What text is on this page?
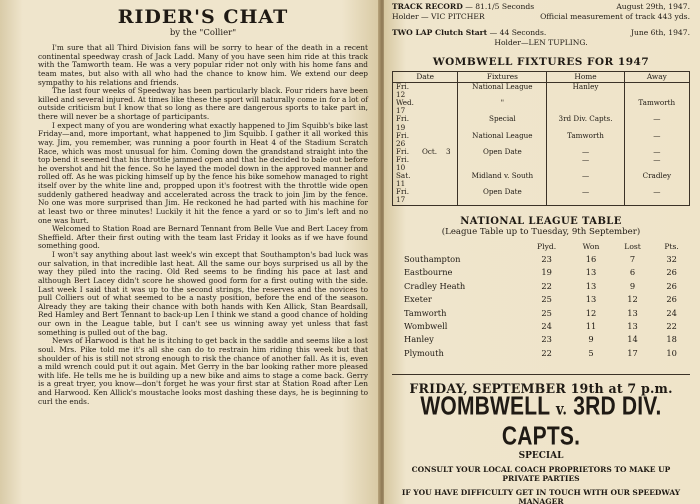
RIDER'S CHAT

by the "Collier"

I'm sure that all Third Division fans will be sorry to hear of the death in a recent continental speedway crash of Jack Ladd. Many of you have seen him ride at this track with the Tamworth team. He was a very popular rider not only with his home fans and team mates, but also with all who had the chance to know him. We extend our deep sympathy to his relations and friends.

The last four weeks of Speedway has been particularly black. Four riders have been killed and several injured. At times like these the sport will naturally come in for a lot of outside criticism but I know that so long as there are dangerous sports to take part in, there will never be a shortage of participants.

I expect many of you are wondering what exactly happened to Jim Squibb's bike last Friday—and, more important, what happened to Jim Squibb. I gather it all worked this way. Jim, you remember, was running a poor fourth in Heat 4 of the Stadium Scratch Race, which was most unusual for him. Coming down the grandstand straight into the top bend it seemed that his throttle jammed open and that he decided to bale out before he overshot and hit the fence. So he layed the model down in the approved manner and rolled off. As he was picking himself up by the fence his bike somehow managed to right itself over by the white line and, propped upon it's footrest with the throttle wide open suddenly gathered headway and accelerated across the track to join Jim by the fence. No one was more surprised than Jim. He reckoned he had parted with his machine for at least two or three minutes! Luckily it hit the fence a yard or so to Jim's left and no one was hurt.

Welcomed to Station Road are Bernard Tennant from Belle Vue and Bert Lacey from Sheffield. After their first outing with the team last Friday it looks as if we have found something good.

I won't say anything about last week's win except that Southampton's bad luck was our salvation, in that incredible last heat. All the same our boys surprised us all by the way they piled into the racing. Old Red seems to be finding his pace at last and although Bert Lacey didn't score he showed good form for a first outing with the side. Last week I said that it was up to the second strings, the reserves and the novices to pull Colliers out of what seemed to be a nasty position, before the end of the season. Already they are taking their chance with both hands with Ken Allick, Stan Beardsall, Red Hamley and Bert Tennant to back-up Len I think we stand a good chance of holding our own in the League table, but I can't see us winning away yet unless that fast something is pulled out of the bag.

News of Harwood is that he is itching to get back in the saddle and seems like a lost soul. Mrs. Pike told me it's all she can do to restrain him riding this week but that shoulder of his is still not strong enough to risk the chance of another fall. As it is, even a mild wrench could put it out again. Met Gerry in the bar looking rather more pleased with life. He tells me he is building up a new bike and aims to stage a come back. Gerry is a great tryer, you know—don't forget he was your first star at Station Road after Len and Harwood. Ken Allick's moustache looks most dashing these days, he is beginning to curl the ends.

TRACK RECORD — 81.1/5 Seconds	August 29th, 1947.
Holder — VIC PITCHER	Official measurement of track 443 yds.
TWO LAP Clutch Start — 44 Seconds.	June 6th, 1947.

Holder—LEN TUPLING.

WOMBWELL FIXTURES FOR 1947
Date	Fixtures	Home	Away
Fri.12	National League	Hanley	
Wed.17	"		Tamworth
Fri.19	Special	3rd Div. Capts.	—
Fri.26	National League	Tamworth	—
Fri. Oct. 3	Open Date	—	—
Fri.10		—	—
Sat.11	Midland v. South	—	Cradley
Fri.17	Open Date	—	—
NATIONAL LEAGUE TABLE

(League Table up to Tuesday, 9th September)

	Plyd.	Won	Lost	Pts.
Southampton	23	16	7	32
Eastbourne	19	13	6	26
Cradley Heath	22	13	9	26
Exeter	25	13	12	26
Tamworth	25	12	13	24
Wombwell	24	11	13	22
Hanley	23	9	14	18
Plymouth	22	5	17	10

FRIDAY, SEPTEMBER 19th at 7 p.m.

WOMBWELL v. 3RD DIV. CAPTS.

SPECIAL

CONSULT YOUR LOCAL COACH PROPRIETORS TO MAKE UP PRIVATE PARTIES

IF YOU HAVE DIFFICULTY GET IN TOUCH WITH OUR SPEEDWAY MANAGER
